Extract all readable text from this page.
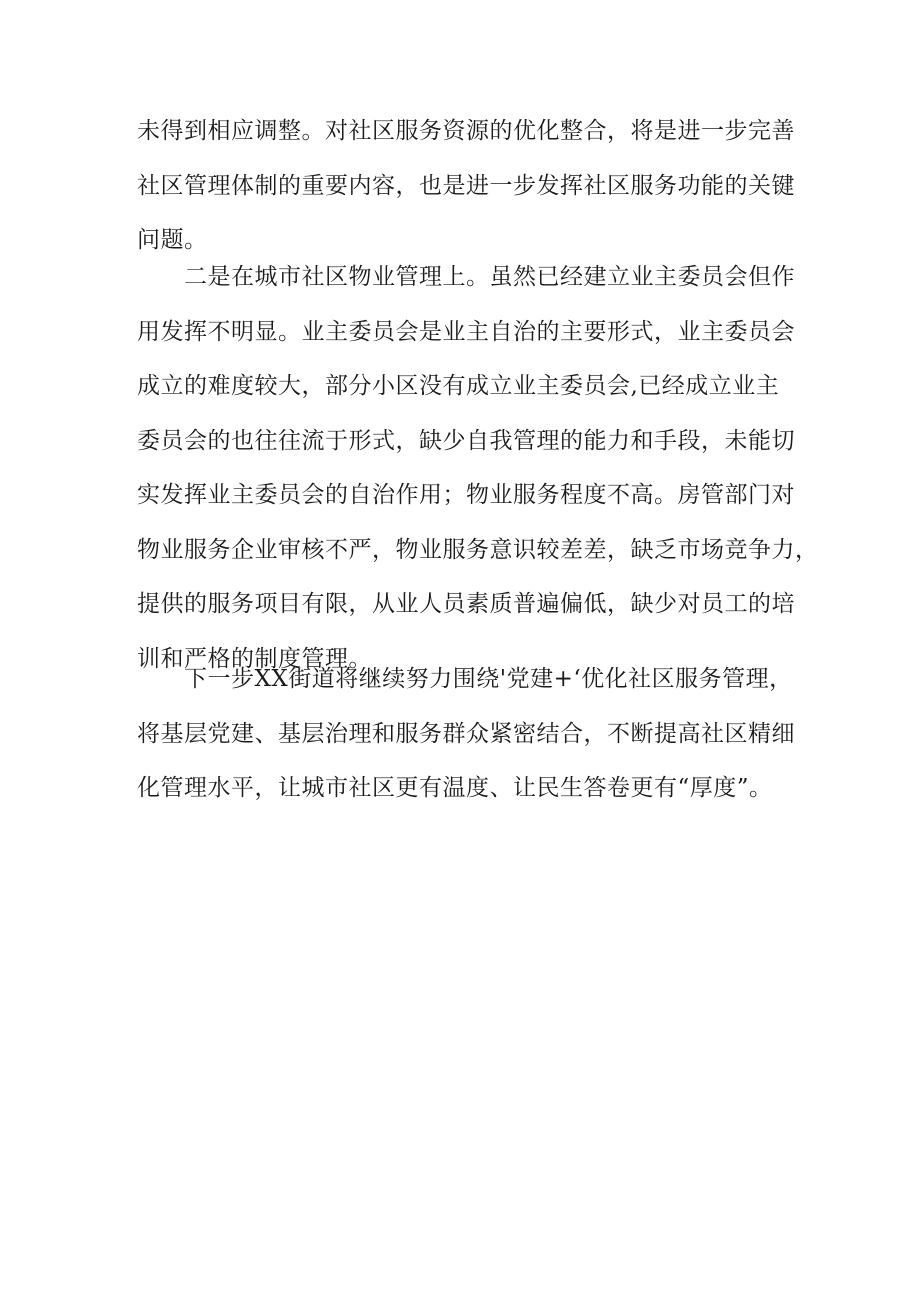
未得到相应调整。对社区服务资源的优化整合，将是进一步完善
社区管理体制的重要内容，也是进一步发挥社区服务功能的关键
问题。
　　二是在城市社区物业管理上。虽然已经建立业主委员会但作
用发挥不明显。业主委员会是业主自治的主要形式，业主委员会
成立的难度较大，部分小区没有成立业主委员会,已经成立业主
委员会的也往往流于形式，缺少自我管理的能力和手段，未能切
实发挥业主委员会的自治作用；物业服务程度不高。房管部门对
物业服务企业审核不严，物业服务意识较差差，缺乏市场竞争力，
提供的服务项目有限，从业人员素质普遍偏低，缺少对员工的培
训和严格的制度管理。
　　下一步XX街道将继续努力围绕'党建+‘优化社区服务管理，
将基层党建、基层治理和服务群众紧密结合，不断提高社区精细
化管理水平，让城市社区更有温度、让民生答卷更有“厚度”。
